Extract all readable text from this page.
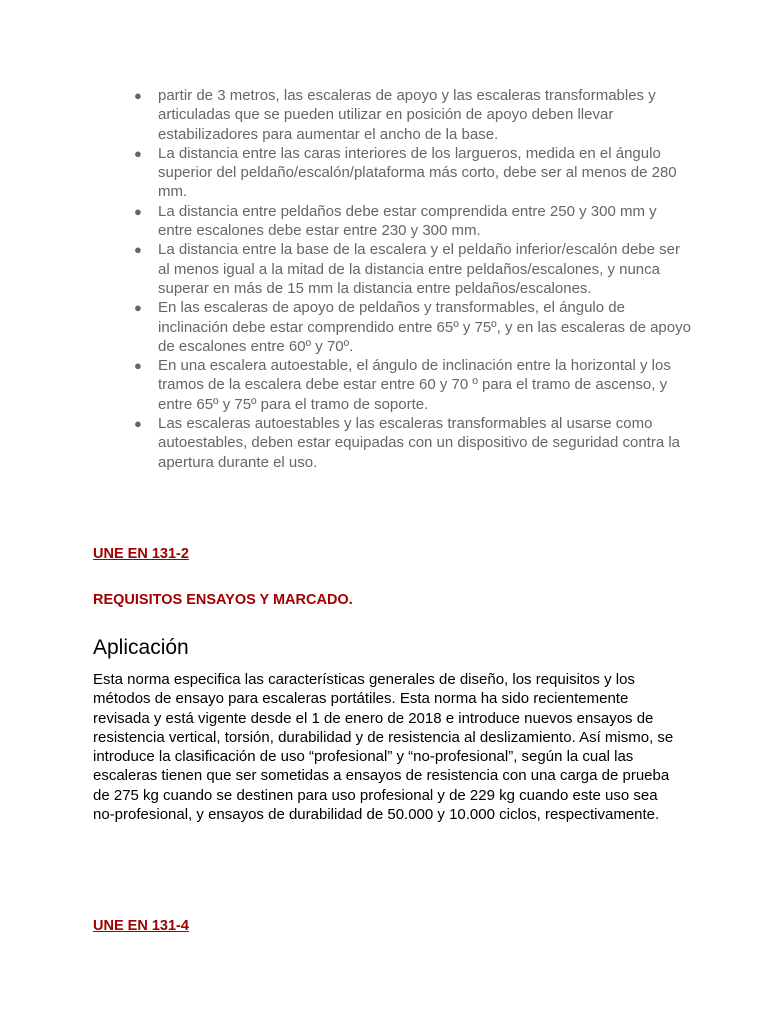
● partir de 3 metros, las escaleras de apoyo y las escaleras transformables y articuladas que se pueden utilizar en posición de apoyo deben llevar estabilizadores para aumentar el ancho de la base.
● La distancia entre las caras interiores de los largueros, medida en el ángulo superior del peldaño/escalón/plataforma más corto, debe ser al menos de 280 mm.
● La distancia entre peldaños debe estar comprendida entre 250 y 300 mm y entre escalones debe estar entre 230 y 300 mm.
● La distancia entre la base de la escalera y el peldaño inferior/escalón debe ser al menos igual a la mitad de la distancia entre peldaños/escalones, y nunca superar en más de 15 mm la distancia entre peldaños/escalones.
● En las escaleras de apoyo de peldaños y transformables, el ángulo de inclinación debe estar comprendido entre 65º y 75º, y en las escaleras de apoyo de escalones entre 60º y 70º.
● En una escalera autoestable, el ángulo de inclinación entre la horizontal y los tramos de la escalera debe estar entre 60 y 70 º para el tramo de ascenso, y entre 65º y 75º para el tramo de soporte.
● Las escaleras autoestables y las escaleras transformables al usarse como autoestables, deben estar equipadas con un dispositivo de seguridad contra la apertura durante el uso.

UNE EN 131-2

REQUISITOS ENSAYOS Y MARCADO.

Aplicación

Esta norma especifica las características generales de diseño, los requisitos y los métodos de ensayo para escaleras portátiles. Esta norma ha sido recientemente revisada y está vigente desde el 1 de enero de 2018 e introduce nuevos ensayos de resistencia vertical, torsión, durabilidad y de resistencia al deslizamiento. Así mismo, se introduce la clasificación de uso “profesional” y “no-profesional”, según la cual las escaleras tienen que ser sometidas a ensayos de resistencia con una carga de prueba de 275 kg cuando se destinen para uso profesional y de 229 kg cuando este uso sea no-profesional, y ensayos de durabilidad de 50.000 y 10.000 ciclos, respectivamente.

UNE EN 131-4
